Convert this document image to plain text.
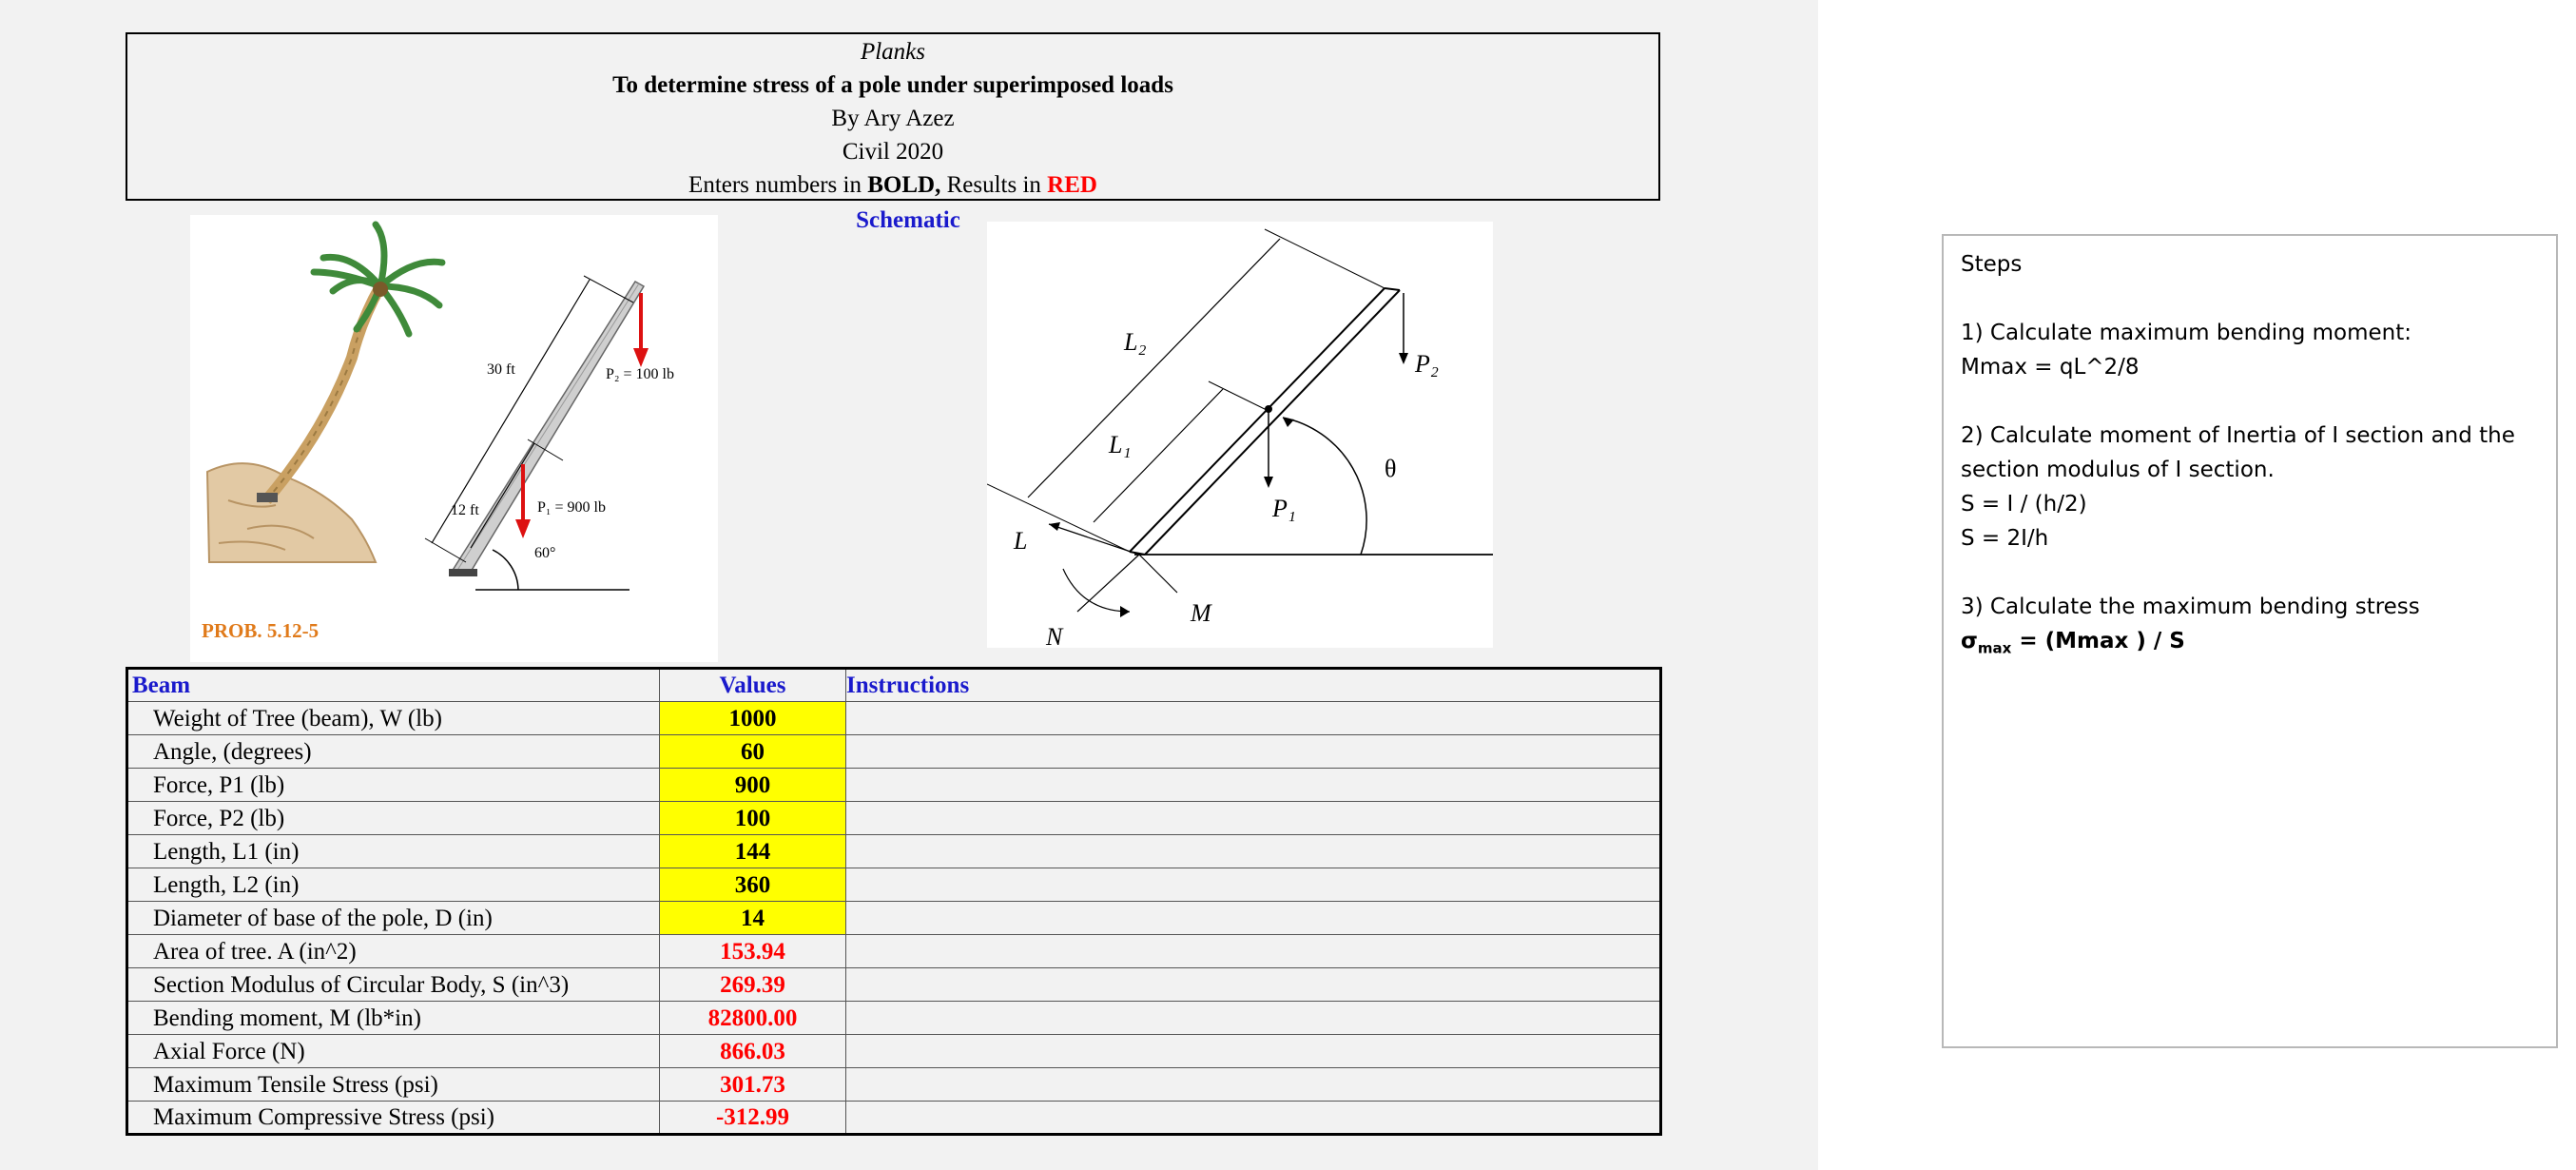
Planks
To determine stress of a pole under superimposed loads
By Ary Azez
Civil 2020
Enters numbers in BOLD, Results in RED
Schematic
30 ft
12 ft
P₂ = 100 lb
P₁ = 900 lb
60°
PROB. 5.12-5
L₂
L₁
P₂
P₁
θ
L
M
N
Beam	Values	Instructions
Weight of Tree (beam), W (lb)	1000	
Angle, (degrees)	60	
Force, P1 (lb)	900	
Force, P2 (lb)	100	
Length, L1 (in)	144	
Length, L2 (in)	360	
Diameter of base of the pole, D (in)	14	
Area of tree. A (in^2)	153.94	
Section Modulus of Circular Body, S (in^3)	269.39	
Bending moment, M (lb*in)	82800.00	
Axial Force (N)	866.03	
Maximum Tensile Stress (psi)	301.73	
Maximum Compressive Stress (psi)	-312.99	

Steps

1) Calculate maximum bending moment:

Mmax = qL^2/8

2) Calculate moment of Inertia of I section and the section modulus of I section.

S = I / (h/2)

S = 2I/h

3) Calculate the maximum bending stress

$\sigma_{max} = (Mmax$ ) / S
